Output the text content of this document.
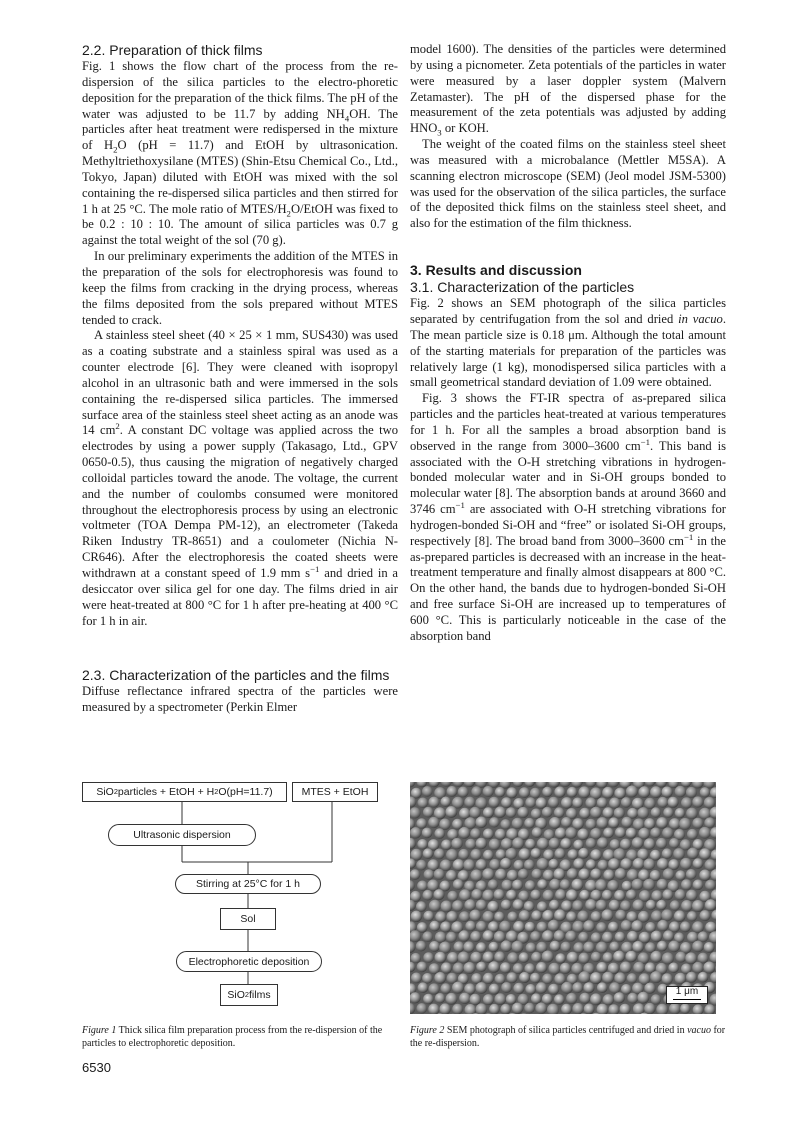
2.2. Preparation of thick films

Fig. 1 shows the flow chart of the process from the re-dispersion of the silica particles to the electro-phoretic deposition for the preparation of the thick films. The pH of the water was adjusted to be 11.7 by adding $NH_4OH$. The particles after heat treatment were redispersed in the mixture of $H_2O$ (pH = 11.7) and EtOH by ultrasonication. Methyltriethoxysilane (MTES) (Shin-Etsu Chemical Co., Ltd., Tokyo, Japan) diluted with EtOH was mixed with the sol containing the re-dispersed silica particles and then stirred for 1 h at 25 °C. The mole ratio of MTES/$H_2O$/EtOH was fixed to be 0.2 : 10 : 10. The amount of silica particles was 0.7 g against the total weight of the sol (70 g).

In our preliminary experiments the addition of the MTES in the preparation of the sols for electrophoresis was found to keep the films from cracking in the drying process, whereas the films deposited from the sols prepared without MTES tended to crack.

A stainless steel sheet (40 × 25 × 1 mm, SUS430) was used as a coating substrate and a stainless spiral was used as a counter electrode [6]. They were cleaned with isopropyl alcohol in an ultrasonic bath and were immersed in the sols containing the re-dispersed silica particles. The immersed surface area of the stainless steel sheet acting as an anode was 14 $cm^2$. A constant DC voltage was applied across the two electrodes by using a power supply (Takasago, Ltd., GPV 0650-0.5), thus causing the migration of negatively charged colloidal particles toward the anode. The voltage, the current and the number of coulombs consumed were monitored throughout the electrophoresis process by using an electronic voltmeter (TOA Dempa PM-12), an electrometer (Takeda Riken Industry TR-8651) and a coulometer (Nichia N-CR646). After the electrophoresis the coated sheets were withdrawn at a constant speed of 1.9 mm $s^{-1}$ and dried in a desiccator over silica gel for one day. The films dried in air were heat-treated at 800 °C for 1 h after pre-heating at 400 °C for 1 h in air.

2.3. Characterization of the particles and the films

Diffuse reflectance infrared spectra of the particles were measured by a spectrometer (Perkin Elmer

model 1600). The densities of the particles were determined by using a picnometer. Zeta potentials of the particles in water were measured by a laser doppler system (Malvern Zetamaster). The pH of the dispersed phase for the measurement of the zeta potentials was adjusted by adding $HNO_3$ or KOH.

The weight of the coated films on the stainless steel sheet was measured with a microbalance (Mettler M5SA). A scanning electron microscope (SEM) (Jeol model JSM-5300) was used for the observation of the silica particles, the surface of the deposited thick films on the stainless steel sheet, and also for the estimation of the film thickness.

3. Results and discussion
3.1. Characterization of the particles

Fig. 2 shows an SEM photograph of the silica particles separated by centrifugation from the sol and dried in vacuo. The mean particle size is 0.18 μm. Although the total amount of the starting materials for preparation of the particles was relatively large (1 kg), monodispersed silica particles with a small geometrical standard deviation of 1.09 were obtained.

Fig. 3 shows the FT-IR spectra of as-prepared silica particles and the particles heat-treated at various temperatures for 1 h. For all the samples a broad absorption band is observed in the range from 3000–3600 $cm^{-1}$. This band is associated with the O-H stretching vibrations in hydrogen-bonded molecular water and in Si-OH groups bonded to molecular water [8]. The absorption bands at around 3660 and 3746 $cm^{-1}$ are associated with O-H stretching vibrations for hydrogen-bonded Si-OH and “free” or isolated Si-OH groups, respectively [8]. The broad band from 3000–3600 $cm^{-1}$ in the as-prepared particles is decreased with an increase in the heat-treatment temperature and finally almost disappears at 800 °C. On the other hand, the bands due to hydrogen-bonded Si-OH and free surface Si-OH are increased up to temperatures of 600 °C. This is particularly noticeable in the case of the absorption band

SiO 2 particles + EtOH + H 2 O(pH=11.7)	MTES + EtOH
Ultrasonic dispersion
Stirring at 25°C for 1 h
Sol
Electrophoretic deposition
SiO 2 films	1 μm
Figure 1 Thick silica film preparation process from the re-dispersion of the particles to electrophoretic deposition.
Figure 2 SEM photograph of silica particles centrifuged and dried in vacuo for the re-dispersion.
6530
